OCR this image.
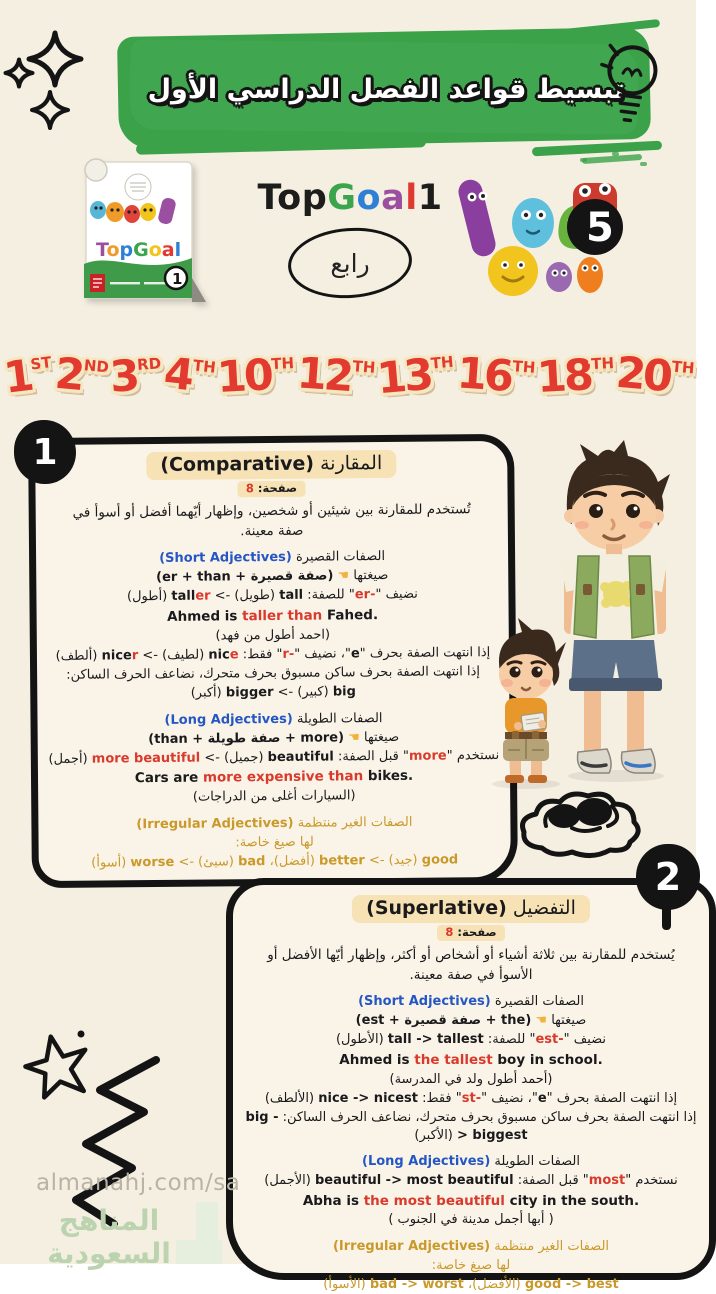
تبسيط قواعد الفصل الدراسي الأول
TopGoal
1
TopGoal1
رابع
5
1ST 2ND
3RD 4TH
10TH 12TH
13TH 16TH 18TH 20TH
1	المقارنة (Comparative)
صفحة: 8
تُستخدم للمقارنة بين شيئين أو شخصين، وإظهار أيّهما أفضل أو أسوأ في صفة معينة.
الصفات القصيرة (Short Adjectives)
صيغتها ☚ (صفة قصيرة + er + than)
نضيف "-er" للصفة: tall (طويل) -> taller (أطول)
Ahmed is taller than Fahed.
(احمد أطول من فهد)
إذا انتهت الصفة بحرف "e"، نضيف "-r" فقط: nice (لطيف) -> nicer (ألطف)
إذا انتهت الصفة بحرف ساكن مسبوق بحرف متحرك، نضاعف الحرف الساكن:
big (كبير) -> bigger (أكبر)
الصفات الطويلة (Long Adjectives)
صيغتها ☚ (more + صفة طويلة + than)
نستخدم "more" قبل الصفة: beautiful (جميل) -> more beautiful (أجمل)
Cars are more expensive than bikes.
(السيارات أغلى من الدراجات)
الصفات الغير منتظمة (Irregular Adjectives)
لها صيغ خاصة:
good (جيد) -> better (أفضل)، bad (سيئ) -> worse (أسوأ)	2
التفضيل (Superlative)
صفحة: 8
يُستخدم للمقارنة بين ثلاثة أشياء أو أشخاص أو أكثر، وإظهار أيّها الأفضل أو الأسوأ في صفة معينة.
الصفات القصيرة (Short Adjectives)
صيغتها ☚ (the + صفة قصيرة + est)
نضيف "-est" للصفة: tall -> tallest (الأطول)
Ahmed is the tallest boy in school.
(أحمد أطول ولد في المدرسة)
إذا انتهت الصفة بحرف "e"، نضيف "-st" فقط: nice -> nicest (الألطف)
إذا انتهت الصفة بحرف ساكن مسبوق بحرف متحرك، نضاعف الحرف الساكن: big -> biggest (الأكبر)
الصفات الطويلة (Long Adjectives)
نستخدم "most" قبل الصفة: beautiful -> most beautiful (الأجمل)
Abha is the most beautiful city in the south.
( أبها أجمل مدينة في الجنوب )
الصفات الغير منتظمة (Irregular Adjectives)
لها صيغ خاصة:
good -> best (الأفضل)، bad -> worst (الأسوأ)
almanahj.com/sa
المناهج السعودية
